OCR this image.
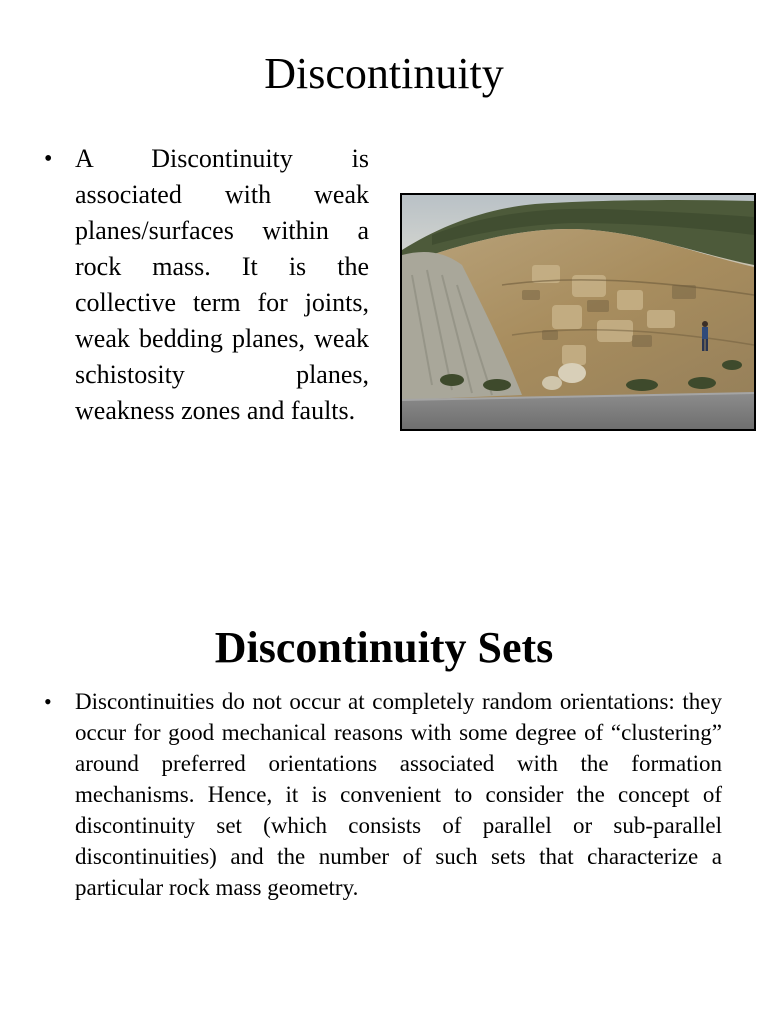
Discontinuity
• A Discontinuity is associated with weak planes/surfaces within a rock mass. It is the collective term for joints, weak bedding planes, weak schistosity planes, weakness zones and faults.
Discontinuity Sets
•	Discontinuities do not occur at completely random orientations: they occur for good mechanical reasons with some degree of “clustering” around preferred orientations associated with the formation mechanisms. Hence, it is convenient to consider the concept of discontinuity set (which consists of parallel or sub-parallel discontinuities) and the number of such sets that characterize a particular rock mass geometry.
